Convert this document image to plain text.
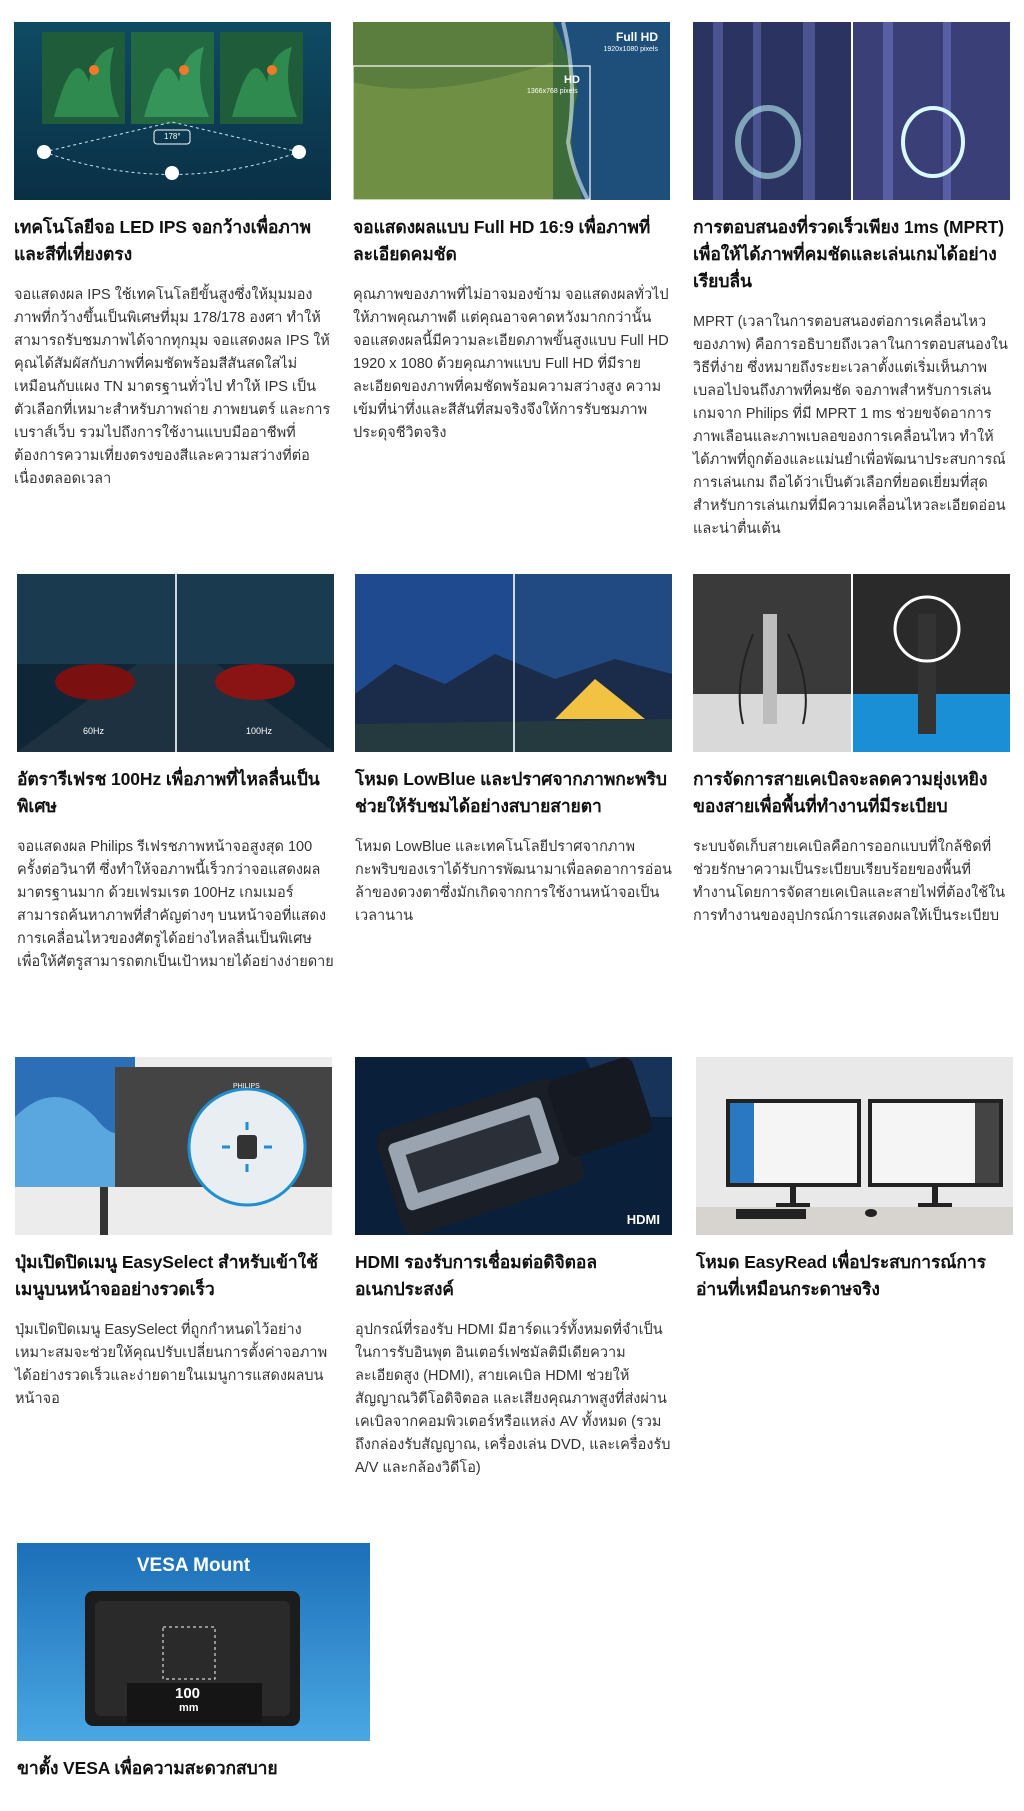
178°
เทคโนโลยีจอ LED IPS จอกว้างเพื่อภาพและสีที่เที่ยงตรง
จอแสดงผล IPS ใช้เทคโนโลยีขั้นสูงซึ่งให้มุมมองภาพที่กว้างขึ้นเป็นพิเศษที่มุม 178/178 องศา ทำให้สามารถรับชมภาพได้จากทุกมุม จอแสดงผล IPS ให้คุณได้สัมผัสกับภาพที่คมชัดพร้อมสีสันสดใสไม่เหมือนกับแผง TN มาตรฐานทั่วไป ทำให้ IPS เป็นตัวเลือกที่เหมาะสำหรับภาพถ่าย ภาพยนตร์ และการเบราส์เว็บ รวมไปถึงการใช้งานแบบมืออาชีพที่ต้องการความเที่ยงตรงของสีและความสว่างที่ต่อเนื่องตลอดเวลา
Full HD
1920x1080 pixels
HD
1366x768 pixels
จอแสดงผลแบบ Full HD 16:9 เพื่อภาพที่ละเอียดคมชัด
คุณภาพของภาพที่ไม่อาจมองข้าม จอแสดงผลทั่วไปให้ภาพคุณภาพดี แต่คุณอาจคาดหวังมากกว่านั้น จอแสดงผลนี้มีความละเอียดภาพขั้นสูงแบบ Full HD 1920 x 1080 ด้วยคุณภาพแบบ Full HD ที่มีรายละเอียดของภาพที่คมชัดพร้อมความสว่างสูง ความเข้มที่น่าทึ่งและสีสันที่สมจริงจึงให้การรับชมภาพประดุจชีวิตจริง
การตอบสนองที่รวดเร็วเพียง 1ms (MPRT) เพื่อให้ได้ภาพที่คมชัดและเล่นเกมได้อย่างเรียบลื่น
MPRT (เวลาในการตอบสนองต่อการเคลื่อนไหวของภาพ) คือการอธิบายถึงเวลาในการตอบสนองในวิธีที่ง่าย ซึ่งหมายถึงระยะเวลาตั้งแต่เริ่มเห็นภาพเบลอไปจนถึงภาพที่คมชัด จอภาพสำหรับการเล่นเกมจาก Philips ที่มี MPRT 1 ms ช่วยขจัดอาการภาพเลือนและภาพเบลอของการเคลื่อนไหว ทำให้ได้ภาพที่ถูกต้องและแม่นยำเพื่อพัฒนาประสบการณ์การเล่นเกม ถือได้ว่าเป็นตัวเลือกที่ยอดเยี่ยมที่สุดสำหรับการเล่นเกมที่มีความเคลื่อนไหวละเอียดอ่อนและน่าตื่นเต้น
60Hz	100Hz
อัตรารีเฟรช 100Hz เพื่อภาพที่ไหลลื่นเป็นพิเศษ
จอแสดงผล Philips รีเฟรชภาพหน้าจอสูงสุด 100 ครั้งต่อวินาที ซึ่งทำให้จอภาพนี้เร็วกว่าจอแสดงผลมาตรฐานมาก ด้วยเฟรมเรต 100Hz เกมเมอร์สามารถค้นหาภาพที่สำคัญต่างๆ บนหน้าจอที่แสดงการเคลื่อนไหวของศัตรูได้อย่างไหลลื่นเป็นพิเศษ เพื่อให้ศัตรูสามารถตกเป็นเป้าหมายได้อย่างง่ายดาย
โหมด LowBlue และปราศจากภาพกะพริบช่วยให้รับชมได้อย่างสบายสายตา
โหมด LowBlue และเทคโนโลยีปราศจากภาพกะพริบของเราได้รับการพัฒนามาเพื่อลดอาการอ่อนล้าของดวงตาซึ่งมักเกิดจากการใช้งานหน้าจอเป็นเวลานาน
การจัดการสายเคเบิลจะลดความยุ่งเหยิงของสายเพื่อพื้นที่ทำงานที่มีระเบียบ
ระบบจัดเก็บสายเคเบิลคือการออกแบบที่ใกล้ชิดที่ช่วยรักษาความเป็นระเบียบเรียบร้อยของพื้นที่ทำงานโดยการจัดสายเคเบิลและสายไฟที่ต้องใช้ในการทำงานของอุปกรณ์การแสดงผลให้เป็นระเบียบ
PHILIPS
ปุ่มเปิดปิดเมนู EasySelect สำหรับเข้าใช้เมนูบนหน้าจออย่างรวดเร็ว
ปุ่มเปิดปิดเมนู EasySelect ที่ถูกกำหนดไว้อย่างเหมาะสมจะช่วยให้คุณปรับเปลี่ยนการตั้งค่าจอภาพได้อย่างรวดเร็วและง่ายดายในเมนูการแสดงผลบนหน้าจอ
HDMI
HDMI รองรับการเชื่อมต่อดิจิตอลอเนกประสงค์
อุปกรณ์ที่รองรับ HDMI มีฮาร์ดแวร์ทั้งหมดที่จำเป็นในการรับอินพุต อินเตอร์เฟซมัลติมีเดียความละเอียดสูง (HDMI), สายเคเบิล HDMI ช่วยให้สัญญาณวิดีโอดิจิตอล และเสียงคุณภาพสูงที่ส่งผ่านเคเบิลจากคอมพิวเตอร์หรือแหล่ง AV ทั้งหมด (รวมถึงกล่องรับสัญญาณ, เครื่องเล่น DVD, และเครื่องรับ A/V และกล้องวิดีโอ)
โหมด EasyRead เพื่อประสบการณ์การอ่านที่เหมือนกระดาษจริง
VESA Mount
100
mm
ขาตั้ง VESA เพื่อความสะดวกสบาย
